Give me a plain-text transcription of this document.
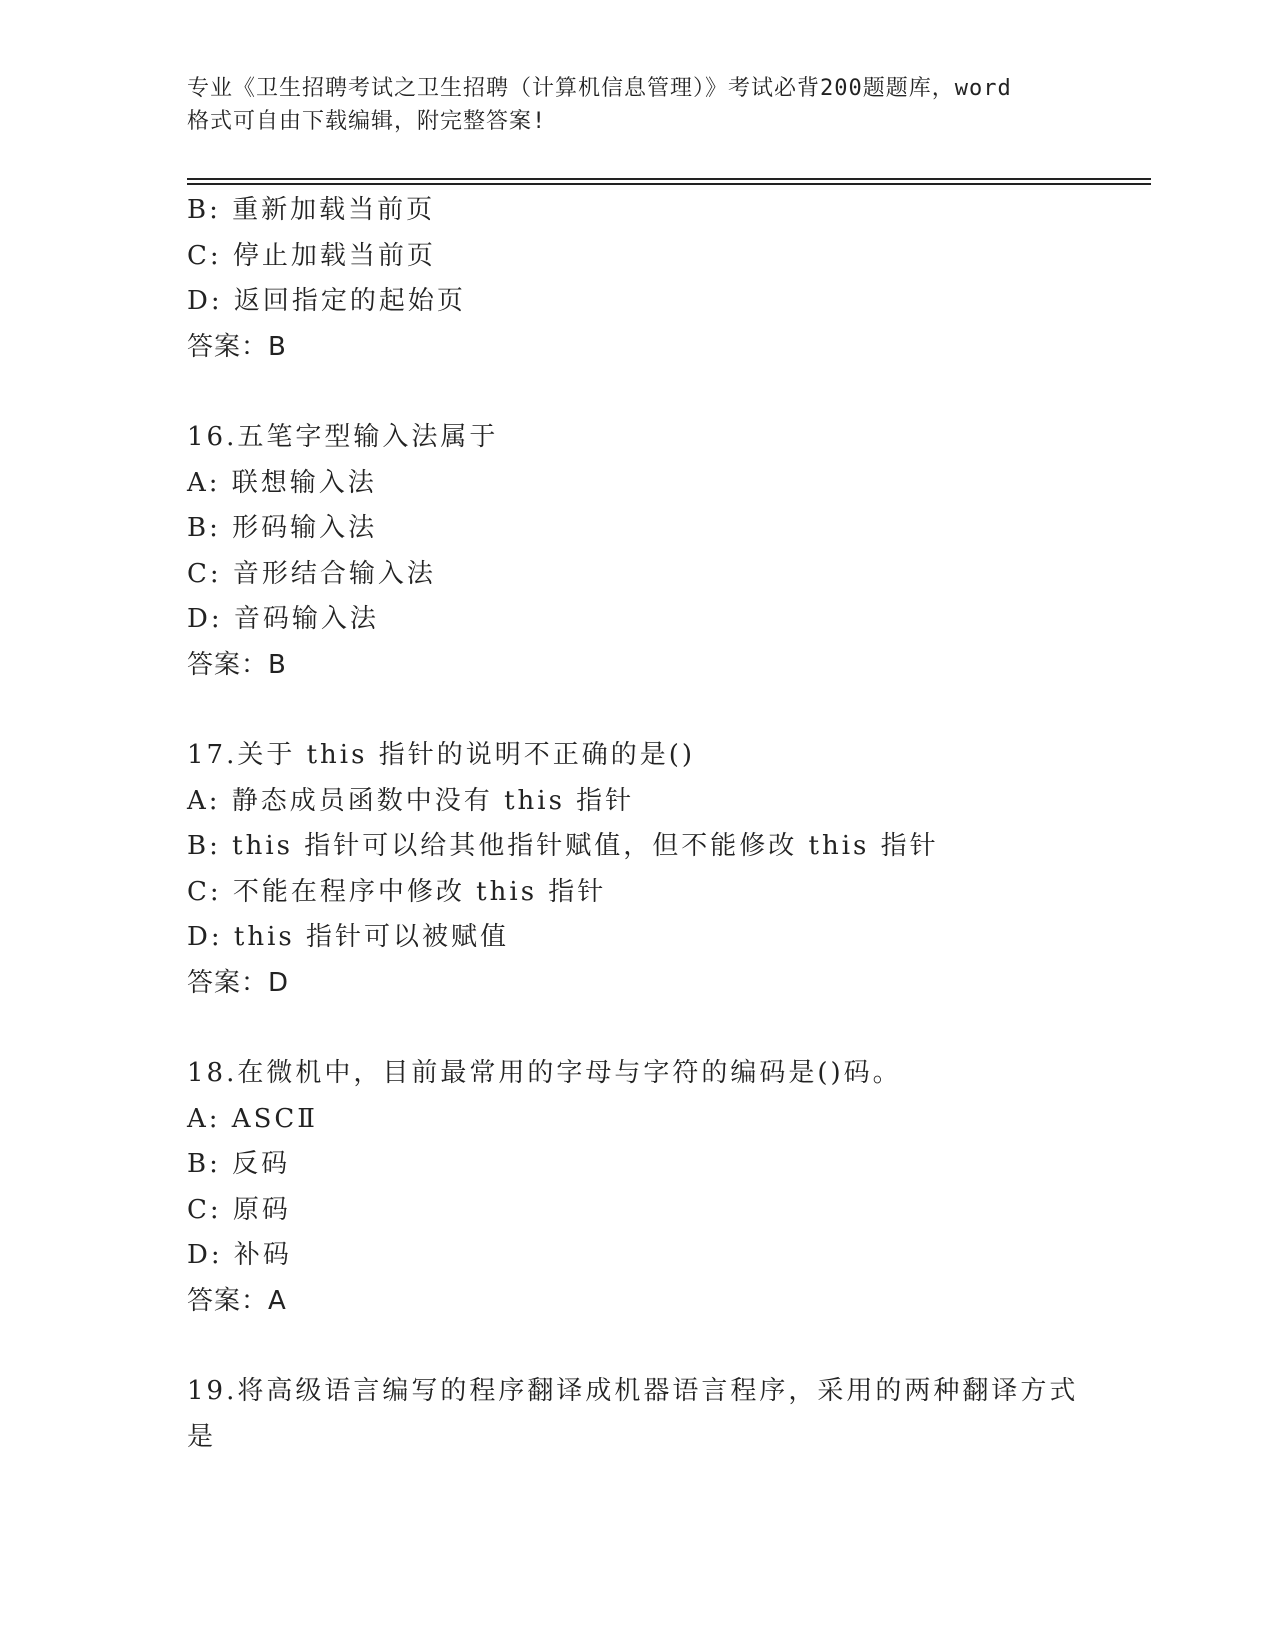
专业《卫生招聘考试之卫生招聘（计算机信息管理）》考试必背200题题库，word
格式可自由下载编辑，附完整答案!
B: 重新加载当前页
C: 停止加载当前页
D: 返回指定的起始页
答案：B
16.五笔字型输入法属于
A: 联想输入法
B: 形码输入法
C: 音形结合输入法
D: 音码输入法
答案：B
17.关于 this 指针的说明不正确的是()
A: 静态成员函数中没有 this 指针
B: this 指针可以给其他指针赋值，但不能修改 this 指针
C: 不能在程序中修改 this 指针
D: this 指针可以被赋值
答案：D
18.在微机中，目前最常用的字母与字符的编码是()码。
A: ASCⅡ
B: 反码
C: 原码
D: 补码
答案：A
19.将高级语言编写的程序翻译成机器语言程序，采用的两种翻译方式
是
